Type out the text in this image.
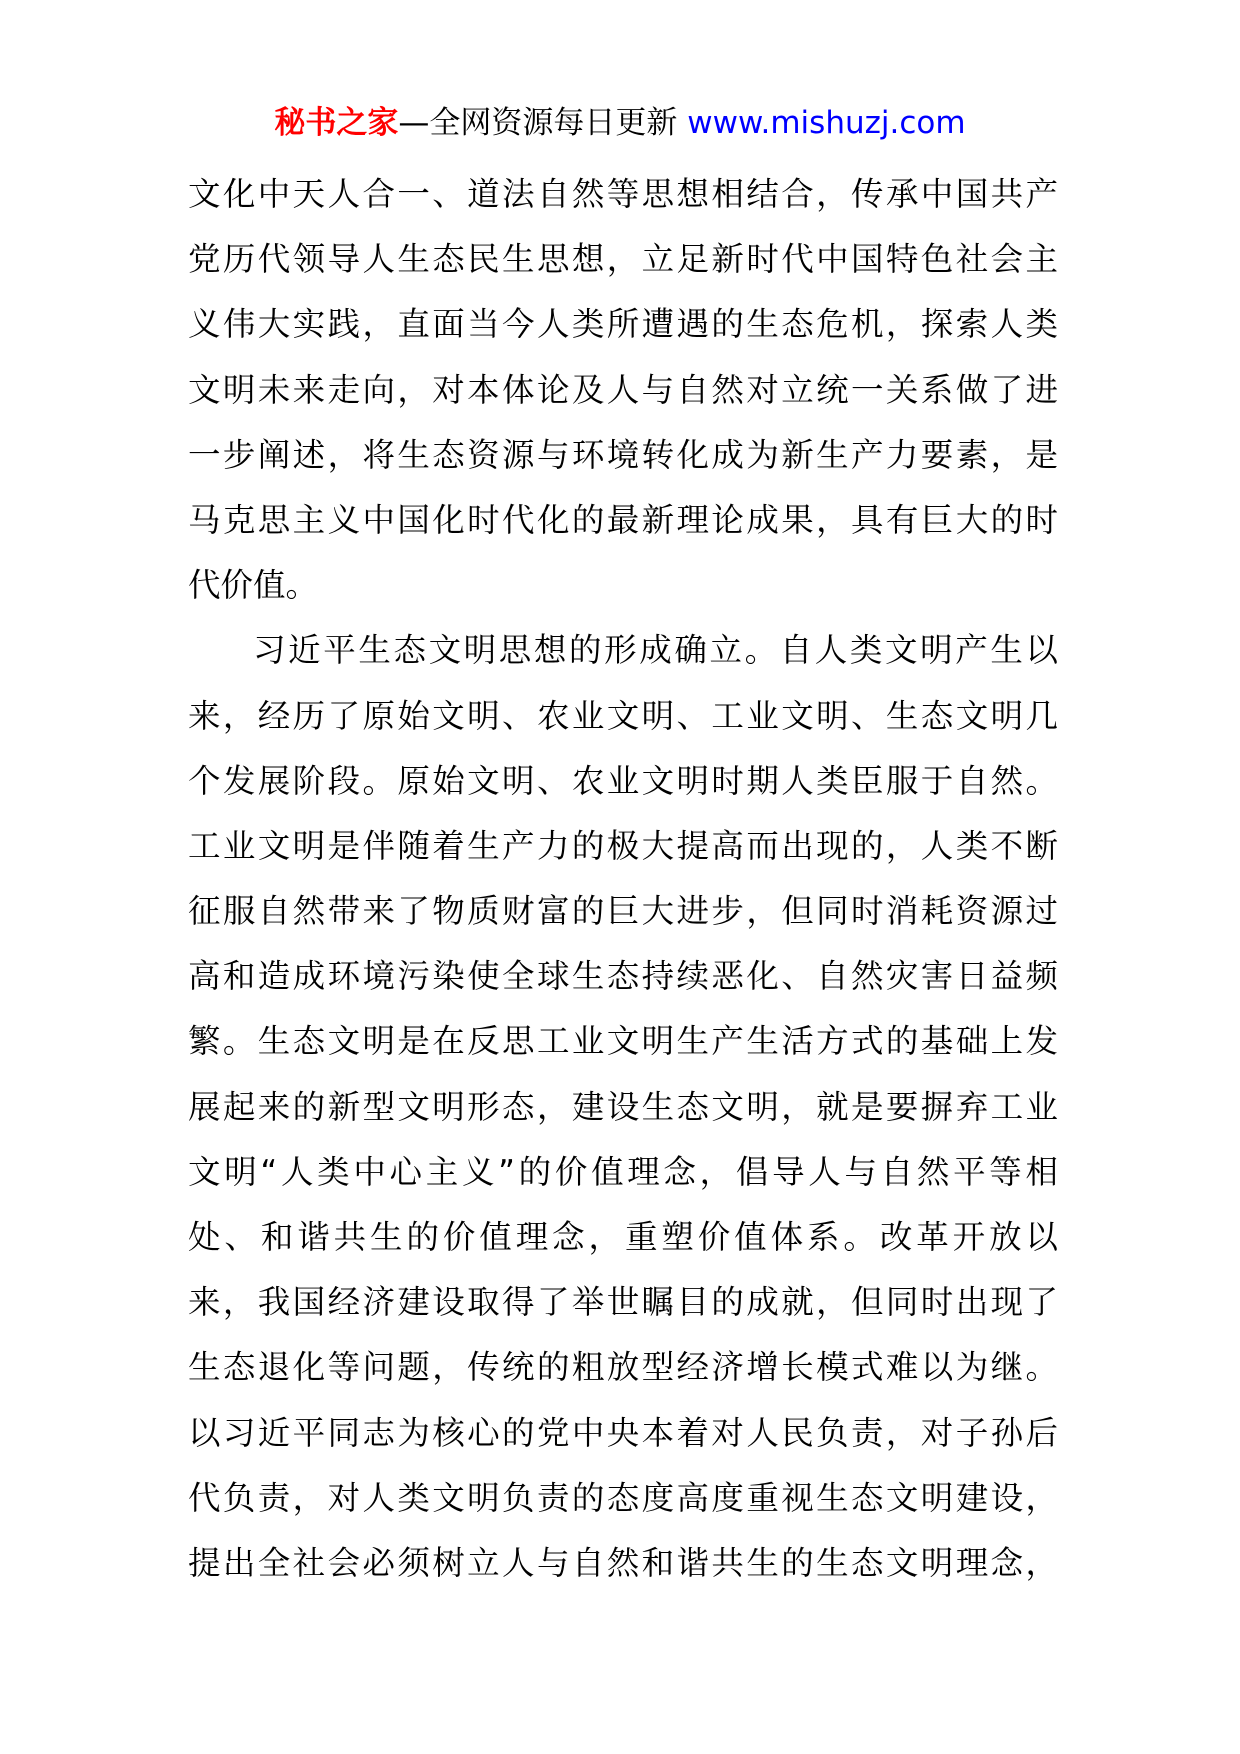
秘书之家—全网资源每日更新 www.mishuzj.com
文化中天人合一、道法自然等思想相结合，传承中国共产
党历代领导人生态民生思想，立足新时代中国特色社会主
义伟大实践，直面当今人类所遭遇的生态危机，探索人类
文明未来走向，对本体论及人与自然对立统一关系做了进
一步阐述，将生态资源与环境转化成为新生产力要素，是
马克思主义中国化时代化的最新理论成果，具有巨大的时
代价值。
习近平生态文明思想的形成确立。自人类文明产生以
来，经历了原始文明、农业文明、工业文明、生态文明几
个发展阶段。原始文明、农业文明时期人类臣服于自然。
工业文明是伴随着生产力的极大提高而出现的，人类不断
征服自然带来了物质财富的巨大进步，但同时消耗资源过
高和造成环境污染使全球生态持续恶化、自然灾害日益频
繁。生态文明是在反思工业文明生产生活方式的基础上发
展起来的新型文明形态，建设生态文明，就是要摒弃工业
文明“人类中心主义”的价值理念，倡导人与自然平等相
处、和谐共生的价值理念，重塑价值体系。改革开放以
来，我国经济建设取得了举世瞩目的成就，但同时出现了
生态退化等问题，传统的粗放型经济增长模式难以为继。
以习近平同志为核心的党中央本着对人民负责，对子孙后
代负责，对人类文明负责的态度高度重视生态文明建设，
提出全社会必须树立人与自然和谐共生的生态文明理念，
